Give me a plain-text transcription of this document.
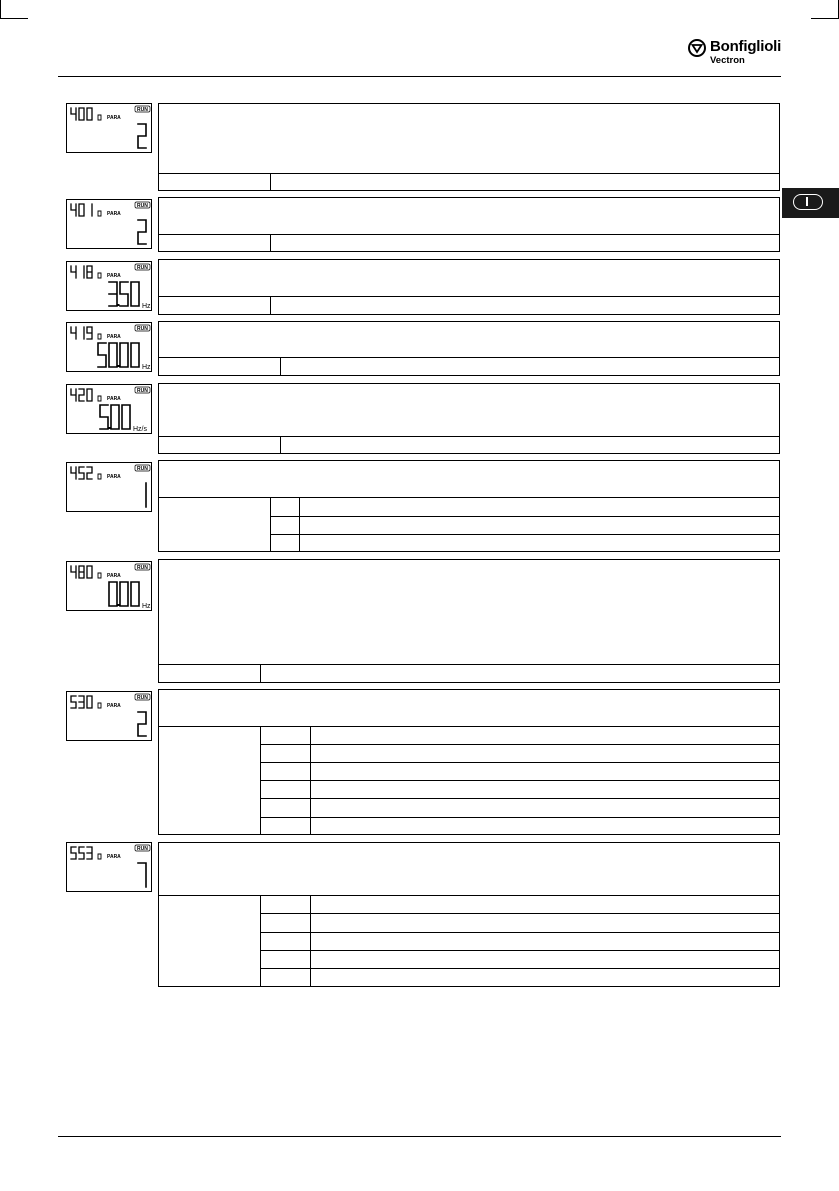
Bonfiglioli
Vectron
RUN
PARA
RUN
PARA
RUN
PARA
Hz
RUN
PARA
Hz
RUN
PARA
Hz/s
RUN
PARA
RUN
PARA
Hz
RUN
PARA
RUN
PARA
